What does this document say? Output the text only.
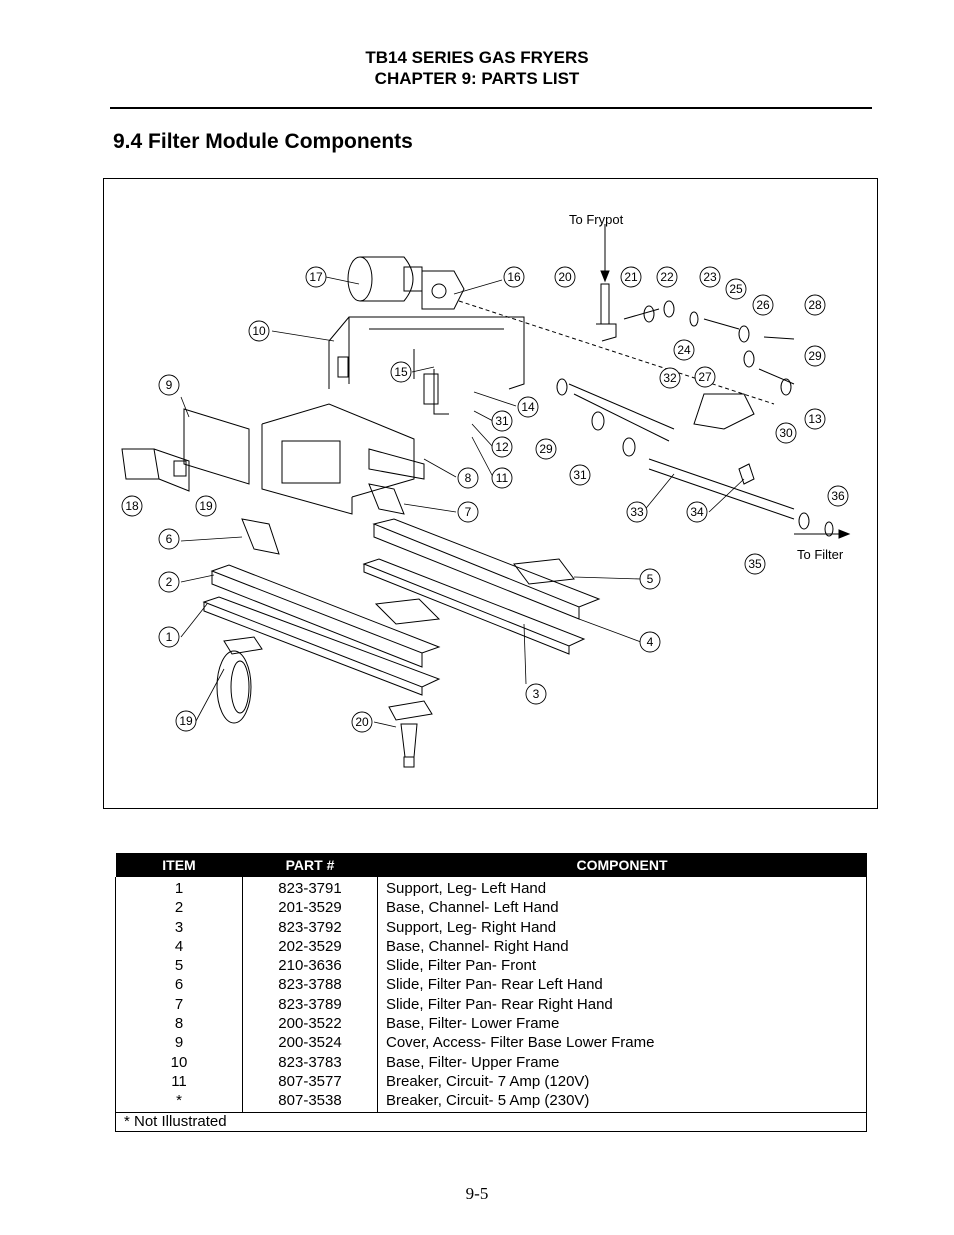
TB14 SERIES GAS FRYERS
CHAPTER 9: PARTS LIST
9.4 Filter Module Components
To Frypot
To Filter
17	16	20	21 22 23
25
26	28
10
24	29
15	27
32
9
14
13
30
31
29
12
8 11	31
18	19	7	33	34
36
6
35
2	5
4
1
3
19	20
ITEM	PART #	COMPONENT
1	823-3791	Support, Leg- Left Hand
2	201-3529	Base, Channel- Left Hand
3	823-3792	Support, Leg- Right Hand
4	202-3529	Base, Channel- Right Hand
5	210-3636	Slide, Filter Pan- Front
6	823-3788	Slide, Filter Pan- Rear Left Hand
7	823-3789	Slide, Filter Pan- Rear Right Hand
8	200-3522	Base, Filter- Lower Frame
9	200-3524	Cover, Access- Filter Base Lower Frame
10	823-3783	Base, Filter- Upper Frame
11	807-3577	Breaker, Circuit- 7 Amp (120V)
*	807-3538	Breaker, Circuit- 5 Amp (230V)
* Not Illustrated		
9-5
